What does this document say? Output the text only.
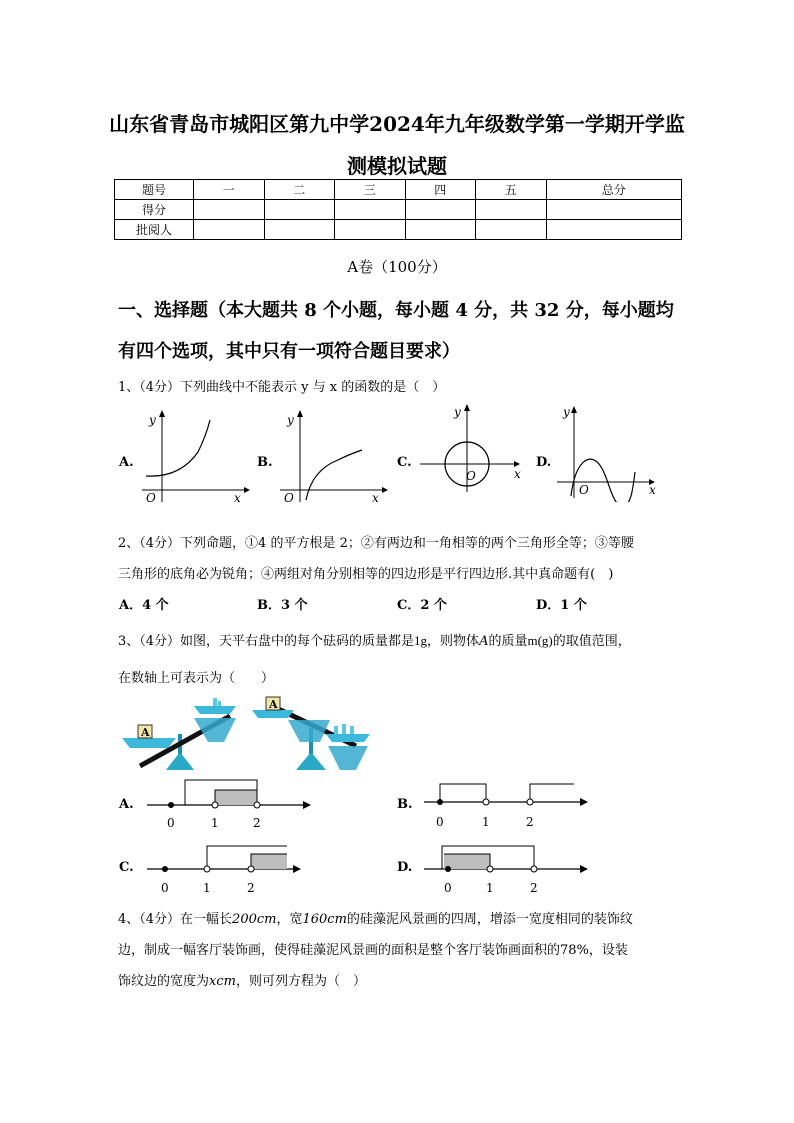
山东省青岛市城阳区第九中学2024年九年级数学第一学期开学监
测模拟试题
题号	一	二	三	四	五	总分
得分						
批阅人						
A卷（100分）
一、选择题（本大题共 8 个小题，每小题 4 分，共 32 分，每小题均
有四个选项，其中只有一项符合题目要求）
1、（4分）下列曲线中不能表示 y 与 x 的函数的是（　）
A.
y
x
O
B.
y
x
O
C.
y
x
O
D.
y
x
O
2、（4分）下列命题，①4 的平方根是 2；②有两边和一角相等的两个三角形全等；③等腰
三角形的底角必为锐角；④两组对角分别相等的四边形是平行四边形.其中真命题有(　)
A．4 个	B．3 个	C．2 个	D．1 个
3、（4分）如图，天平右盘中的每个砝码的质量都是1g，则物体A的质量m(g)的取值范围，
在数轴上可表示为（　　）
A
A
A.
0	1	2
B.
0	1	2
C.
0	1	2
D.
0	1	2
4、（4分）在一幅长200cm，宽160cm的硅藻泥风景画的四周，增添一宽度相同的装饰纹
边，制成一幅客厅装饰画，使得硅藻泥风景画的面积是整个客厅装饰画面积的78%，设装
饰纹边的宽度为xcm，则可列方程为（　）
